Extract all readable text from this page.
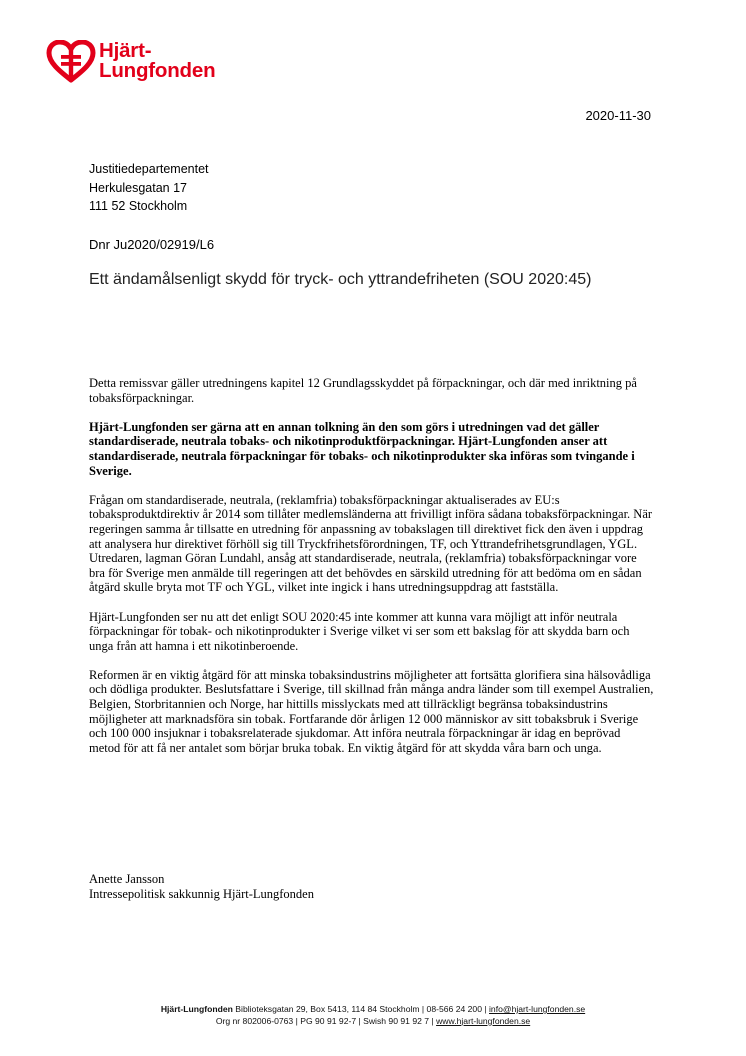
Hjärt-
Lungfonden
2020-11-30
Justitiedepartementet
Herkulesgatan 17
111 52 Stockholm
Dnr Ju2020/02919/L6
Ett ändamålsenligt skydd för tryck- och yttrandefriheten (SOU 2020:45)

Detta remissvar gäller utredningens kapitel 12 Grundlagsskyddet på förpackningar, och där med inriktning på tobaksförpackningar.

Hjärt-Lungfonden ser gärna att en annan tolkning än den som görs i utredningen vad det gäller standardiserade, neutrala tobaks- och nikotinproduktförpackningar. Hjärt-Lungfonden anser att standardiserade, neutrala förpackningar för tobaks- och nikotinprodukter ska införas som tvingande i Sverige.

Frågan om standardiserade, neutrala, (reklamfria) tobaksförpackningar aktualiserades av EU:s tobaksproduktdirektiv år 2014 som tillåter medlemsländerna att frivilligt införa sådana tobaksförpackningar. När regeringen samma år tillsatte en utredning för anpassning av tobakslagen till direktivet fick den även i uppdrag att analysera hur direktivet förhöll sig till Tryckfrihetsförordningen, TF, och Yttrandefrihetsgrundlagen, YGL.

Utredaren, lagman Göran Lundahl, ansåg att standardiserade, neutrala, (reklamfria) tobaksförpackningar vore bra för Sverige men anmälde till regeringen att det behövdes en särskild utredning för att bedöma om en sådan åtgärd skulle bryta mot TF och YGL, vilket inte ingick i hans utredningsuppdrag att fastställa.

Hjärt-Lungfonden ser nu att det enligt SOU 2020:45 inte kommer att kunna vara möjligt att inför neutrala förpackningar för tobak- och nikotinprodukter i Sverige vilket vi ser som ett bakslag för att skydda barn och unga från att hamna i ett nikotinberoende.

Reformen är en viktig åtgärd för att minska tobaksindustrins möjligheter att fortsätta glorifiera sina hälsovådliga och dödliga produkter. Beslutsfattare i Sverige, till skillnad från många andra länder som till exempel Australien, Belgien, Storbritannien och Norge, har hittills misslyckats med att tillräckligt begränsa tobaksindustrins möjligheter att marknadsföra sin tobak. Fortfarande dör årligen 12 000 människor av sitt tobaksbruk i Sverige och 100 000 insjuknar i tobaksrelaterade sjukdomar. Att införa neutrala förpackningar är idag en beprövad metod för att få ner antalet som börjar bruka tobak. En viktig åtgärd för att skydda våra barn och unga.

Anette Jansson
Intressepolitisk sakkunnig Hjärt-Lungfonden
Hjärt-Lungfonden Biblioteksgatan 29, Box 5413, 114 84 Stockholm | 08-566 24 200 | info@hjart-lungfonden.se
Org nr 802006-0763 | PG 90 91 92-7 | Swish 90 91 92 7 | www.hjart-lungfonden.se
